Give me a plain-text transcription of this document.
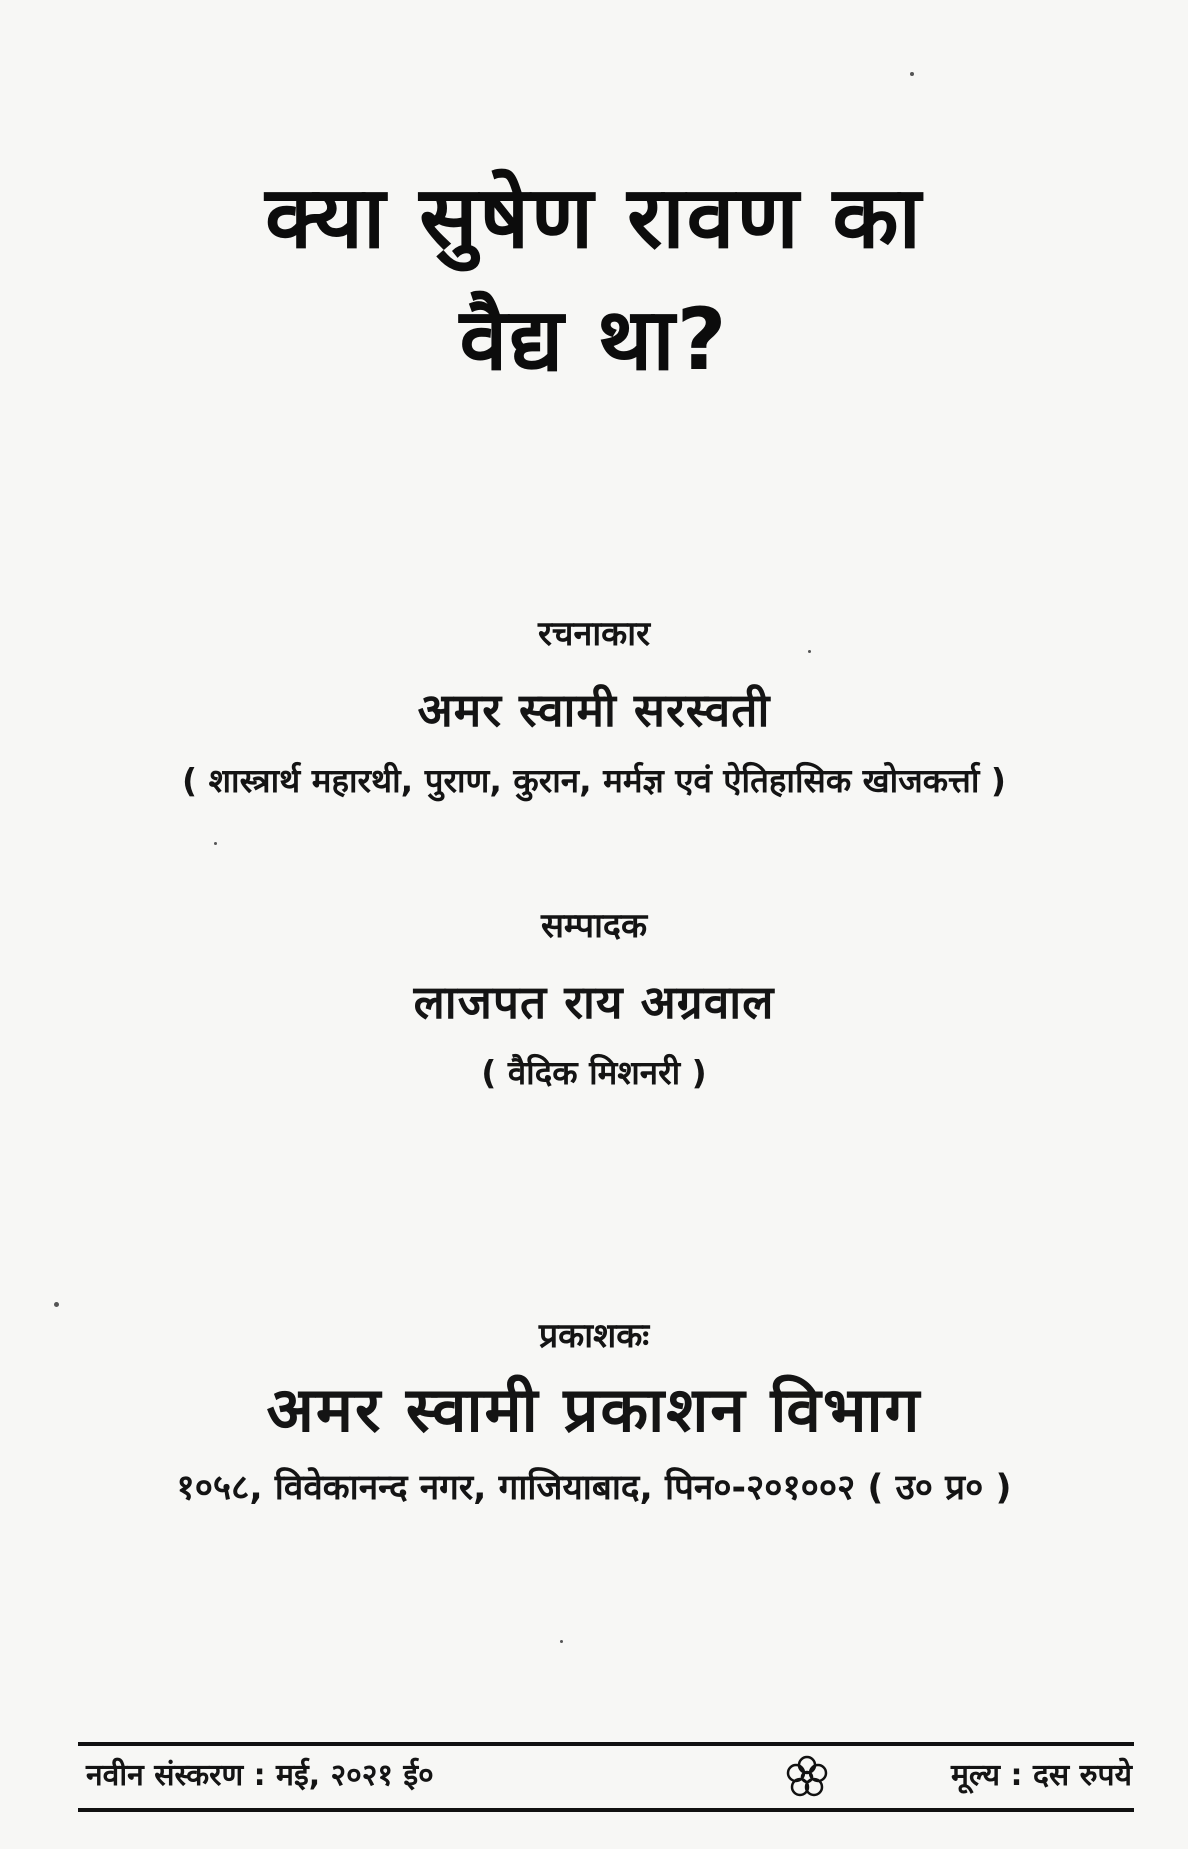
क्या सुषेण रावण का
वैद्य था?
रचनाकार
अमर स्वामी सरस्वती
( शास्त्रार्थ महारथी, पुराण, कुरान, मर्मज्ञ एवं ऐतिहासिक खोजकर्त्ता )
सम्पादक
लाजपत राय अग्रवाल
( वैदिक मिशनरी )
प्रकाशकः
अमर स्वामी प्रकाशन विभाग
१०५८, विवेकानन्द नगर, गाजियाबाद, पिन०-२०१००२ ( उ० प्र० )
नवीन संस्करण : मई, २०२१ ई०	मूल्य : दस रुपये
